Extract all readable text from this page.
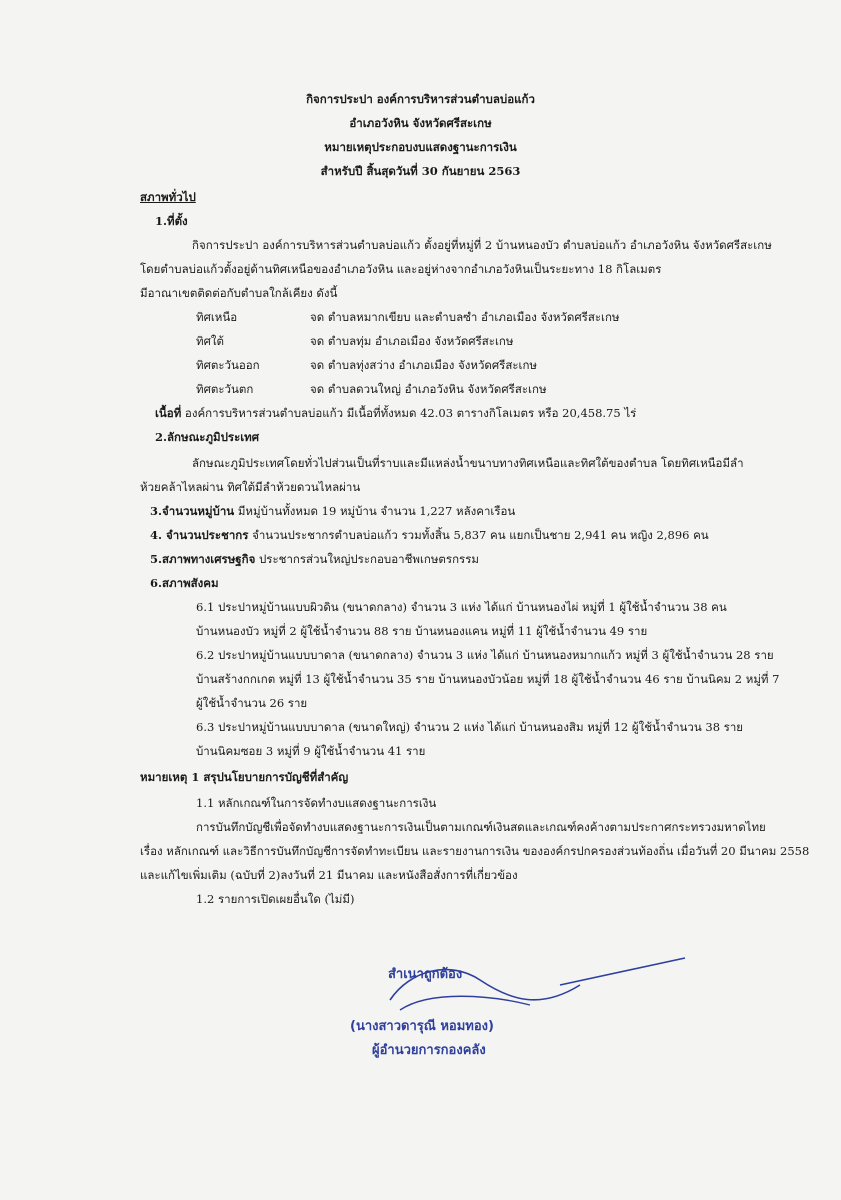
กิจการประปา องค์การบริหารส่วนตำบลบ่อแก้ว
อำเภอวังหิน จังหวัดศรีสะเกษ
หมายเหตุประกอบงบแสดงฐานะการเงิน
สำหรับปี สิ้นสุดวันที่ 30 กันยายน 2563
สภาพทั่วไป
1.ที่ตั้ง
กิจการประปา องค์การบริหารส่วนตำบลบ่อแก้ว ตั้งอยู่ที่หมู่ที่ 2 บ้านหนองบัว ตำบลบ่อแก้ว อำเภอวังหิน จังหวัดศรีสะเกษ
โดยตำบลบ่อแก้วตั้งอยู่ด้านทิศเหนือของอำเภอวังหิน และอยู่ห่างจากอำเภอวังหินเป็นระยะทาง 18 กิโลเมตร
มีอาณาเขตติดต่อกับตำบลใกล้เคียง ดังนี้
ทิศเหนือ	จด ตำบลหมากเขียบ และตำบลซำ อำเภอเมือง จังหวัดศรีสะเกษ
ทิศใต้	จด ตำบลทุ่ม อำเภอเมือง จังหวัดศรีสะเกษ
ทิศตะวันออก	จด ตำบลทุ่งสว่าง อำเภอเมือง จังหวัดศรีสะเกษ
ทิศตะวันตก	จด ตำบลดวนใหญ่ อำเภอวังหิน จังหวัดศรีสะเกษ
เนื้อที่ องค์การบริหารส่วนตำบลบ่อแก้ว มีเนื้อที่ทั้งหมด 42.03 ตารางกิโลเมตร หรือ 20,458.75 ไร่
2.ลักษณะภูมิประเทศ
ลักษณะภูมิประเทศโดยทั่วไปส่วนเป็นที่ราบและมีแหล่งน้ำขนาบทางทิศเหนือและทิศใต้ของตำบล โดยทิศเหนือมีลำ
ห้วยคล้าไหลผ่าน ทิศใต้มีลำห้วยดวนไหลผ่าน
3.จำนวนหมู่บ้าน มีหมู่บ้านทั้งหมด 19 หมู่บ้าน จำนวน 1,227 หลังคาเรือน
4. จำนวนประชากร จำนวนประชากรตำบลบ่อแก้ว รวมทั้งสิ้น 5,837 คน แยกเป็นชาย 2,941 คน หญิง 2,896 คน
5.สภาพทางเศรษฐกิจ ประชากรส่วนใหญ่ประกอบอาชีพเกษตรกรรม
6.สภาพสังคม
6.1 ประปาหมู่บ้านแบบผิวดิน (ขนาดกลาง) จำนวน 3 แห่ง ได้แก่ บ้านหนองไผ่ หมู่ที่ 1 ผู้ใช้น้ำจำนวน 38 คน
บ้านหนองบัว หมู่ที่ 2 ผู้ใช้น้ำจำนวน 88 ราย บ้านหนองแคน หมู่ที่ 11 ผู้ใช้น้ำจำนวน 49 ราย
6.2 ประปาหมู่บ้านแบบบาดาล (ขนาดกลาง) จำนวน 3 แห่ง ได้แก่ บ้านหนองหมากแก้ว หมู่ที่ 3 ผู้ใช้น้ำจำนวน 28 ราย
บ้านสร้างกกเกต หมู่ที่ 13 ผู้ใช้น้ำจำนวน 35 ราย บ้านหนองบัวน้อย หมู่ที่ 18 ผู้ใช้น้ำจำนวน 46 ราย บ้านนิคม 2 หมู่ที่ 7
ผู้ใช้น้ำจำนวน 26 ราย
6.3 ประปาหมู่บ้านแบบบาดาล (ขนาดใหญ่) จำนวน 2 แห่ง ได้แก่ บ้านหนองสิม หมู่ที่ 12 ผู้ใช้น้ำจำนวน 38 ราย
บ้านนิคมซอย 3 หมู่ที่ 9 ผู้ใช้น้ำจำนวน 41 ราย
หมายเหตุ 1 สรุปนโยบายการบัญชีที่สำคัญ
1.1 หลักเกณฑ์ในการจัดทำงบแสดงฐานะการเงิน
การบันทึกบัญชีเพื่อจัดทำงบแสดงฐานะการเงินเป็นตามเกณฑ์เงินสดและเกณฑ์คงค้างตามประกาศกระทรวงมหาดไทย
เรื่อง หลักเกณฑ์ และวิธีการบันทึกบัญชีการจัดทำทะเบียน และรายงานการเงิน ขององค์กรปกครองส่วนท้องถิ่น เมื่อวันที่ 20 มีนาคม 2558
และแก้ไขเพิ่มเติม (ฉบับที่ 2)ลงวันที่ 21 มีนาคม และหนังสือสั่งการที่เกี่ยวข้อง
1.2 รายการเปิดเผยอื่นใด (ไม่มี)
สำเนาถูกต้อง
(นางสาวดารุณี หอมทอง)
ผู้อำนวยการกองคลัง
